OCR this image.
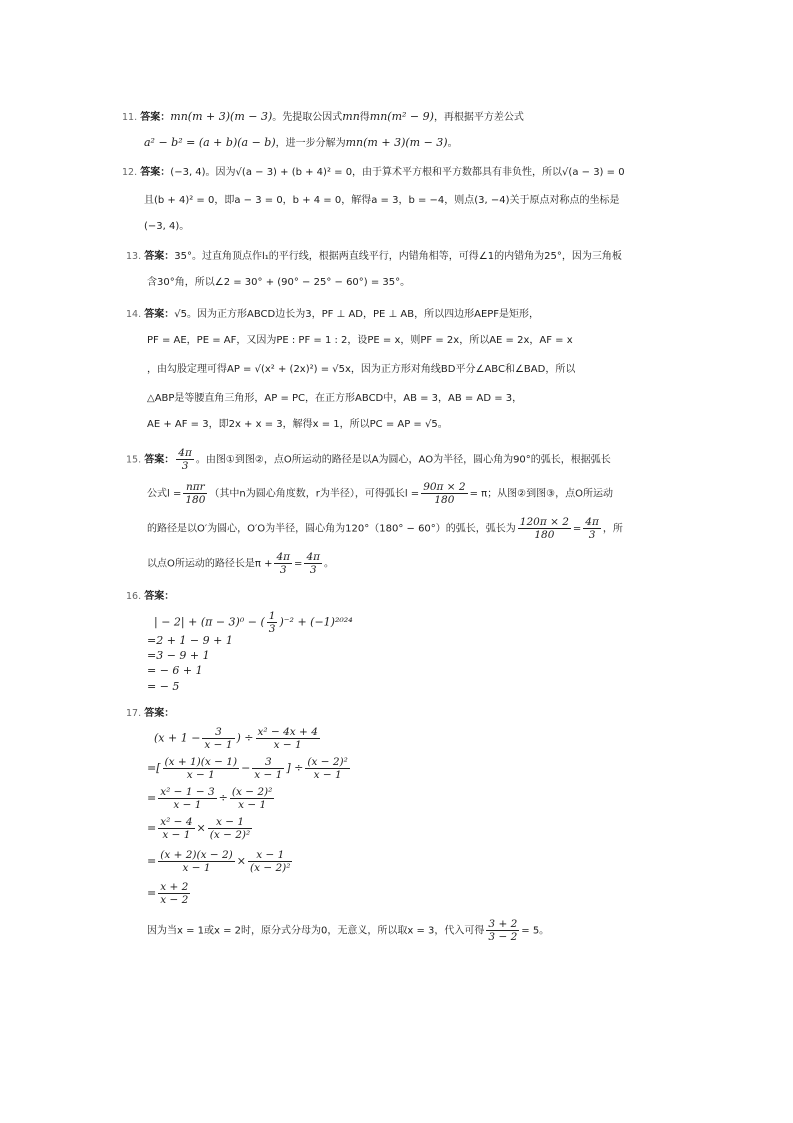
11. 答案：mn(m + 3)(m − 3)。先提取公因式mn得mn(m² − 9)，再根据平方差公式
a² − b² = (a + b)(a − b)，进一步分解为mn(m + 3)(m − 3)。
12. 答案：(−3, 4)。因为√(a − 3) + (b + 4)² = 0，由于算术平方根和平方数都具有非负性，所以√(a − 3) = 0
且(b + 4)² = 0，即a − 3 = 0，b + 4 = 0，解得a = 3，b = −4，则点(3, −4)关于原点对称点的坐标是
(−3, 4)。
13. 答案：35°。过直角顶点作l₁的平行线，根据两直线平行，内错角相等，可得∠1的内错角为25°，因为三角板
含30°角，所以∠2 = 30° + (90° − 25° − 60°) = 35°。
14. 答案：√5。因为正方形ABCD边长为3，PF ⊥ AD，PE ⊥ AB，所以四边形AEPF是矩形，
PF = AE，PE = AF，又因为PE : PF = 1 : 2，设PE = x，则PF = 2x，所以AE = 2x，AF = x
，由勾股定理可得AP = √(x² + (2x)²) = √5x，因为正方形对角线BD平分∠ABC和∠BAD，所以
△ABP是等腰直角三角形，AP = PC，在正方形ABCD中，AB = 3，AB = AD = 3，
AE + AF = 3，即2x + x = 3，解得x = 1，所以PC = AP = √5。
15. 答案： $\frac{4\pi}{3}$ 。由图①到图②，点O所运动的路径是以A为圆心，AO为半径，圆心角为90°的弧长，根据弧长
公式$l = \frac{\text{nπr}}{180}$ （其中n为圆心角度数，r为半径），可得弧长$l = \frac{90\pi \times 2}{180} = \pi$；从图②到图③，点O所运动
的路径是以O′为圆心，O′O为半径，圆心角为120°（180° − 60°）的弧长，弧长为 $\frac{120\pi \times 2}{180} = \frac{4\pi}{3}$ ，所
以点O所运动的路径长是$\pi + \frac{4\pi}{3} = \frac{4\pi}{3}$ 。
16. 答案：
| − 2| + (π − 3)⁰ − ( $\frac{1}{3} )^{-2} + (-1)^{2024}$
=2 + 1 − 9 + 1
=3 − 9 + 1
= − 6 + 1
= − 5
17. 答案：
($x + 1 - \frac{3}{x - 1}$ ) ÷ $\frac{\text{x² − 4x + 4}}{x - 1}$
=[ $\frac{(x + 1)(x - 1)}{x - 1} - \frac{3}{x - 1}$ ] ÷ $\frac{\text{(x − 2)²}}{x - 1}$
= $\frac{\text{x² − 1 − 3}}{x - 1} \div \frac{\text{(x − 2)²}}{x - 1}$
= $\frac{\text{x² − 4}}{x - 1} \times \frac{x - 1}{\text{(x − 2)²}}$
= $\frac{(x + 2)(x - 2)}{x - 1} \times \frac{x - 1}{\text{(x − 2)²}}$
= $\frac{x + 2}{x - 2}$
因为当x = 1或x = 2时，原分式分母为0，无意义，所以取x = 3，代入可得 $\frac{3 + 2}{3 - 2} = 5$。
